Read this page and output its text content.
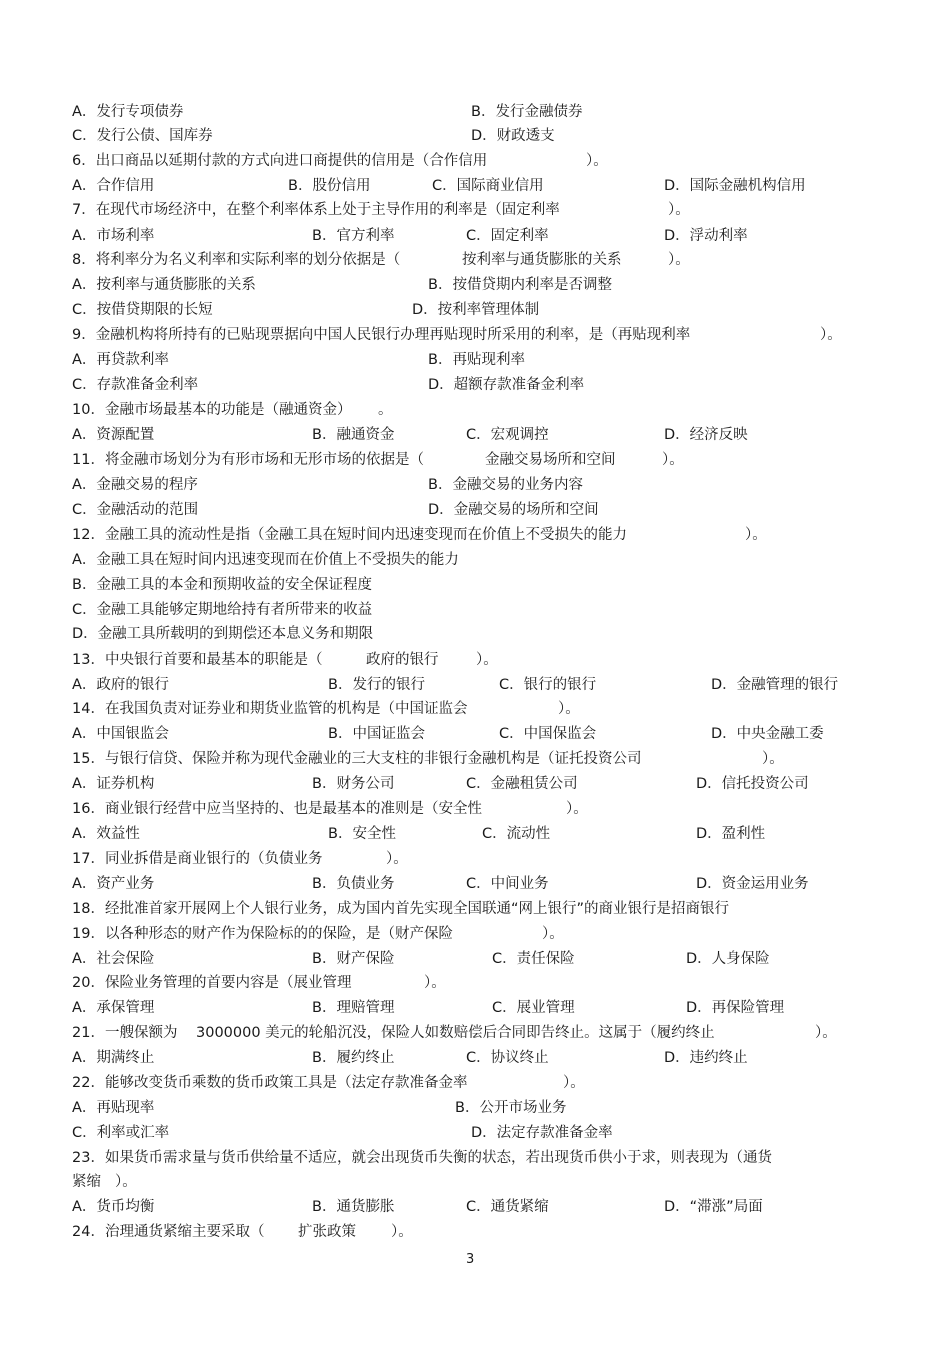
A．发行专项债券	B．发行金融债券
C．发行公债、国库券	D．财政透支
6．出口商品以延期付款的方式向进口商提供的信用是（合作信用	）。
A．合作信用	B．股份信用	C．国际商业信用	D．国际金融机构信用
7．在现代市场经济中，在整个利率体系上处于主导作用的利率是（固定利率	）。
A．市场利率	B．官方利率	C．固定利率	D．浮动利率
8．将利率分为名义利率和实际利率的划分依据是（	按利率与通货膨胀的关系	）。
A．按利率与通货膨胀的关系	B．按借贷期内利率是否调整
C．按借贷期限的长短	D．按利率管理体制
9．金融机构将所持有的已贴现票据向中国人民银行办理再贴现时所采用的利率，是（再贴现利率	）。
A．再贷款利率	B．再贴现利率
C．存款准备金利率	D．超额存款准备金利率
10．金融市场最基本的功能是（融通资金） 。
A．资源配置	B．融通资金	C．宏观调控	D．经济反映
11．将金融市场划分为有形市场和无形市场的依据是（	金融交易场所和空间	）。
A．金融交易的程序	B．金融交易的业务内容
C．金融活动的范围	D．金融交易的场所和空间
12．金融工具的流动性是指（金融工具在短时间内迅速变现而在价值上不受损失的能力	）。
A．金融工具在短时间内迅速变现而在价值上不受损失的能力
B．金融工具的本金和预期收益的安全保证程度
C．金融工具能够定期地给持有者所带来的收益
D．金融工具所载明的到期偿还本息义务和期限
13．中央银行首要和最基本的职能是（	政府的银行	）。
A．政府的银行	B．发行的银行	C．银行的银行	D．金融管理的银行
14．在我国负责对证券业和期货业监管的机构是（中国证监会	）。
A．中国银监会	B．中国证监会	C．中国保监会	D．中央金融工委
15．与银行信贷、保险并称为现代金融业的三大支柱的非银行金融机构是（证托投资公司	）。
A．证券机构	B．财务公司	C．金融租赁公司	D．信托投资公司
16．商业银行经营中应当坚持的、也是最基本的准则是（安全性	）。
A．效益性	B．安全性	C．流动性	D．盈利性
17．同业拆借是商业银行的（负债业务	）。
A．资产业务	B．负债业务	C．中间业务	D．资金运用业务
18．经批准首家开展网上个人银行业务，成为国内首先实现全国联通“网上银行”的商业银行是招商银行
19．以各种形态的财产作为保险标的的保险，是（财产保险	）。
A．社会保险	B．财产保险	C．责任保险	D．人身保险
20．保险业务管理的首要内容是（展业管理	）。
A．承保管理	B．理赔管理	C．展业管理	D．再保险管理
21．一艘保额为 3000000 美元的轮船沉没，保险人如数赔偿后合同即告终止。这属于（履约终止	）。
A．期满终止	B．履约终止	C．协议终止	D．违约终止
22．能够改变货币乘数的货币政策工具是（法定存款准备金率	）。
A．再贴现率	B．公开市场业务
C．利率或汇率	D．法定存款准备金率
23．如果货币需求量与货币供给量不适应，就会出现货币失衡的状态，若出现货币供小于求，则表现为（通货
紧缩 ）。
A．货币均衡	B．通货膨胀	C．通货紧缩	D．“滞涨”局面
24．治理通货紧缩主要采取（ 扩张政策 ）。
3
